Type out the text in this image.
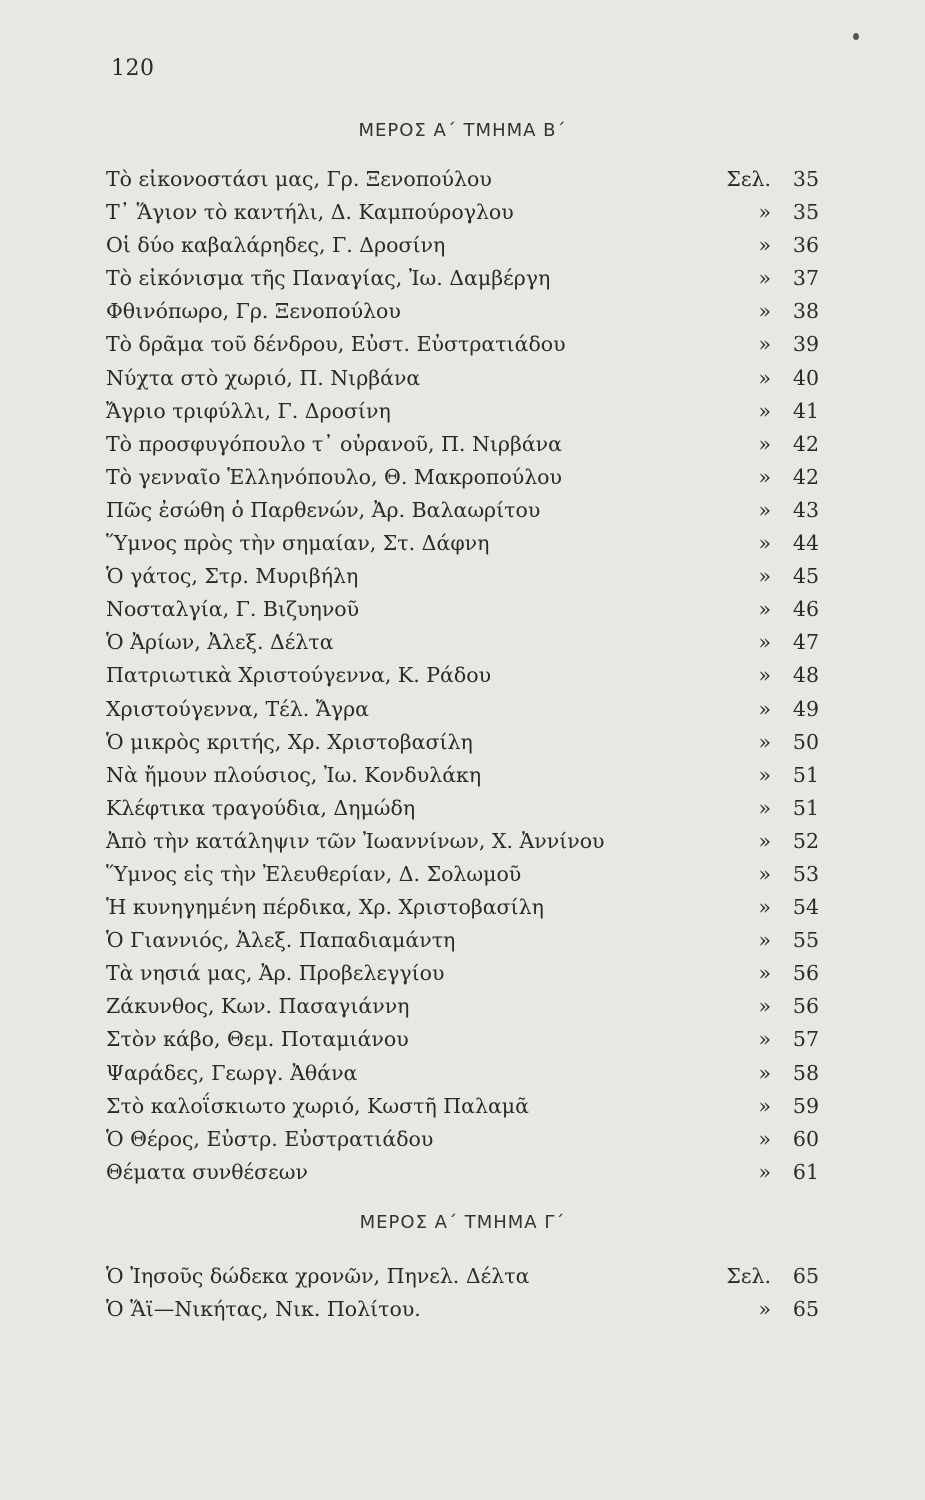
120
ΜΕΡΟΣ Α΄ ΤΜΗΜΑ Β΄
Τὸ εἰκονοστάσι μας, Γρ. Ξενοπούλου	Σελ. 35
Τ᾿ Ἅγιον τὸ καντήλι, Δ. Καμπούρογλου	» 35
Οἱ δύο καβαλάρηδες, Γ. Δροσίνη	» 36
Τὸ εἰκόνισμα τῆς Παναγίας, Ἰω. Δαμβέργη	» 37
Φθινόπωρο, Γρ. Ξενοπούλου	» 38
Τὸ δρᾶμα τοῦ δένδρου, Εὐστ. Εὐστρατιάδου	» 39
Νύχτα στὸ χωριό, Π. Νιρβάνα	» 40
Ἄγριο τριφύλλι, Γ. Δροσίνη	» 41
Τὸ προσφυγόπουλο τ᾿ οὐρανοῦ, Π. Νιρβάνα	» 42
Τὸ γενναῖο Ἑλληνόπουλο, Θ. Μακροπούλου	» 42
Πῶς ἐσώθη ὁ Παρθενών, Ἀρ. Βαλαωρίτου	» 43
Ὕμνος πρὸς τὴν σημαίαν, Στ. Δάφνη	» 44
Ὁ γάτος, Στρ. Μυριβήλη	» 45
Νοσταλγία, Γ. Βιζυηνοῦ	» 46
Ὁ Ἀρίων, Ἀλεξ. Δέλτα	» 47
Πατριωτικὰ Χριστούγεννα, Κ. Ράδου	» 48
Χριστούγεννα, Τέλ. Ἄγρα	» 49
Ὁ μικρὸς κριτής, Χρ. Χριστοβασίλη	» 50
Νὰ ἤμουν πλούσιος, Ἰω. Κονδυλάκη	» 51
Κλέφτικα τραγούδια, Δημώδη	» 51
Ἀπὸ τὴν κατάληψιν τῶν Ἰωαννίνων, Χ. Ἀννίνου	» 52
Ὕμνος εἰς τὴν Ἐλευθερίαν, Δ. Σολωμοῦ	» 53
Ἡ κυνηγημένη πέρδικα, Χρ. Χριστοβασίλη	» 54
Ὁ Γιαννιός, Ἀλεξ. Παπαδιαμάντη	» 55
Τὰ νησιά μας, Ἀρ. Προβελεγγίου	» 56
Ζάκυνθος, Κων. Πασαγιάννη	» 56
Στὸν κάβο, Θεμ. Ποταμιάνου	» 57
Ψαράδες, Γεωργ. Ἀθάνα	» 58
Στὸ καλοΐσκιωτο χωριό, Κωστῆ Παλαμᾶ	» 59
Ὁ Θέρος, Εὐστρ. Εὐστρατιάδου	» 60
Θέματα συνθέσεων	» 61
ΜΕΡΟΣ Α΄ ΤΜΗΜΑ Γ΄
Ὁ Ἰησοῦς δώδεκα χρονῶν, Πηνελ. Δέλτα	Σελ. 65
Ὁ Ἅϊ—Νικήτας, Νικ. Πολίτου.	» 65
